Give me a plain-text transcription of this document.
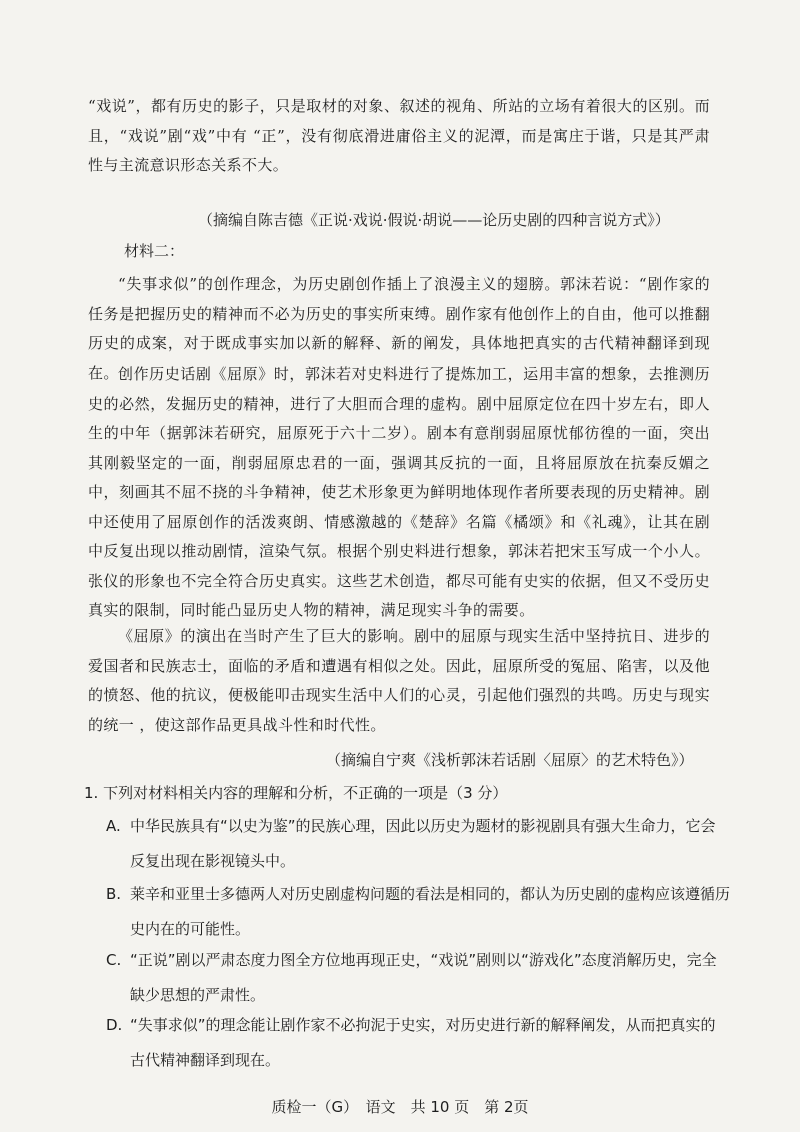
“戏说”，都有历史的影子，只是取材的对象、叙述的视角、所站的立场有着很大的区别。而且，“戏说”剧“戏”中有 “正”，没有彻底滑进庸俗主义的泥潭，而是寓庄于谐，只是其严肃性与主流意识形态关系不大。

（摘编自陈吉德《正说·戏说·假说·胡说——论历史剧的四种言说方式》）

材料二：

“失事求似”的创作理念，为历史剧创作插上了浪漫主义的翅膀。郭沫若说：“剧作家的任务是把握历史的精神而不必为历史的事实所束缚。剧作家有他创作上的自由，他可以推翻历史的成案，对于既成事实加以新的解释、新的阐发，具体地把真实的古代精神翻译到现在。 创作历史话剧《屈原》时，郭沫若对史料进行了提炼加工，运用丰富的想象，去推测历史的必然，发掘历史的精神，进行了大胆而合理的虚构。剧中屈原定位在四十岁左右，即人生的中年（据郭沫若研究，屈原死于六十二岁）。剧本有意削弱屈原忧郁彷徨的一面，突出其刚毅坚定的一面，削弱屈原忠君的一面，强调其反抗的一面，且将屈原放在抗秦反媚之中，刻画其不屈不挠的斗争精神，使艺术形象更为鲜明地体现作者所要表现的历史精神。剧中还使用了屈原创作的活泼爽朗、情感激越的《楚辞》名篇《橘颂》和《礼魂》，让其在剧中反复出现以推动剧情，渲染气氛。根据个别史料进行想象，郭沫若把宋玉写成一个小人。张仪的形象也不完全符合历史真实。这些艺术创造，都尽可能有史实的依据，但又不受历史真实的限制，同时能凸显历史人物的精神，满足现实斗争的需要。

《屈原》的演出在当时产生了巨大的影响。剧中的屈原与现实生活中坚持抗日、进步的爱国者和民族志士，面临的矛盾和遭遇有相似之处。因此，屈原所受的冤屈、陷害，以及他的愤怒、他的抗议，便极能叩击现实生活中人们的心灵，引起他们强烈的共鸣。历史与现实的统一 ，使这部作品更具战斗性和时代性。

（摘编自宁爽《浅析郭沫若话剧〈屈原〉的艺术特色》）

1. 下列对材料相关内容的理解和分析，不正确的一项是（3 分）

A. 中华民族具有“以史为鉴”的民族心理，因此以历史为题材的影视剧具有强大生命力，它会反复出现在影视镜头中。

B. 莱辛和亚里士多德两人对历史剧虚构问题的看法是相同的，都认为历史剧的虚构应该遵循历史内在的可能性。

C. “正说”剧以严肃态度力图全方位地再现正史，“戏说”剧则以“游戏化”态度消解历史，完全缺少思想的严肃性。

D. “失事求似”的理念能让剧作家不必拘泥于史实，对历史进行新的解释阐发，从而把真实的古代精神翻译到现在。

质检一（G）　语文　共 10 页　第 2页
